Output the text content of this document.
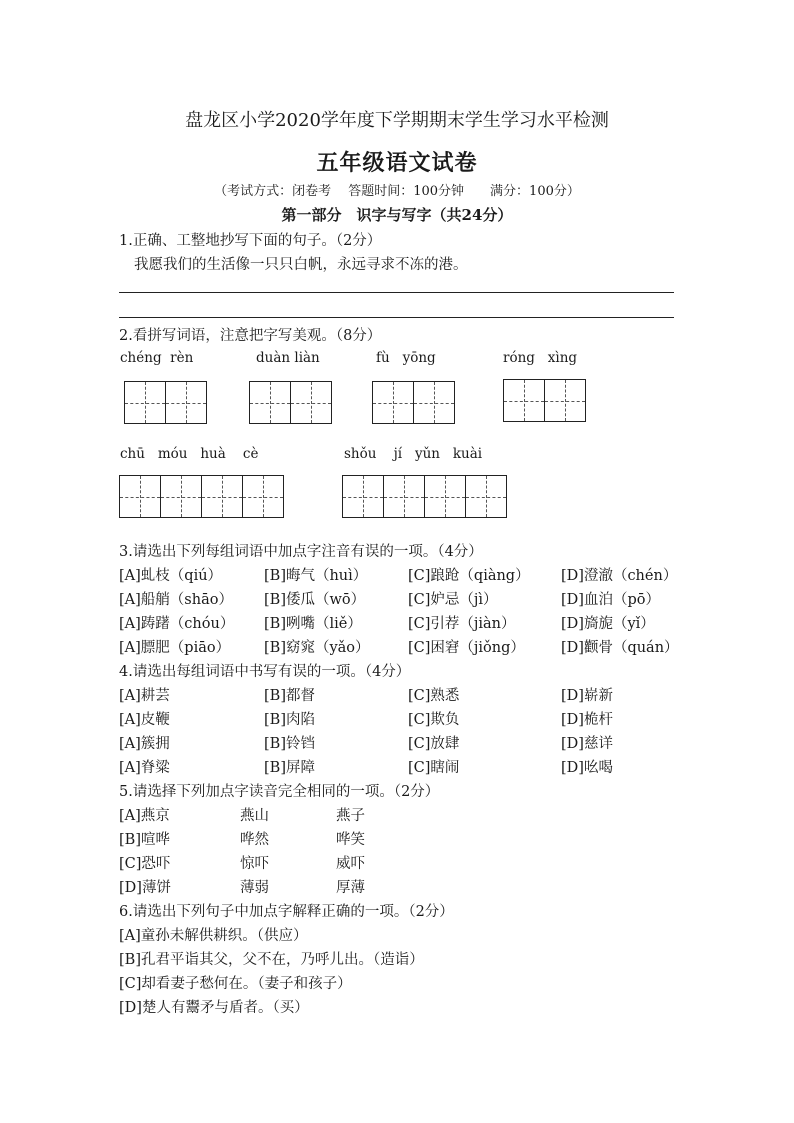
盘龙区小学2020学年度下学期期末学生学习水平检测
五年级语文试卷
（考试方式：闭卷考　 答题时间：100分钟　　满分：100分）
第一部分　识字与写字（共24分）
1.正确、工整地抄写下面的句子。（2分）
我愿我们的生活像一只只白帆，永远寻求不冻的港。
2.看拼写词语，注意把字写美观。（8分）
chéng  rèn	duàn liàn	fù   yōng	róng   xìng
chū   móu   huà    cè	shǒu    jí   yǔn   kuài
3.请选出下列每组词语中加点字注音有误的一项。（4分）
[A]虬枝（qiú）	[B]晦气（huì）	[C]踉跄（qiàng） [D]澄澈（chén）
[A]船艄（shāo） [B]倭瓜（wō）	[C]妒忌（jì）	[D]血泊（pō）
[A]踌躇（chóu） [B]咧嘴（liě）	[C]引荐（jiàn）	[D]旖旎（yǐ）
[A]膘肥（piāo） [B]窈窕（yǎo）	[C]困窘（jiǒng） [D]颧骨（quán）
4.请选出每组词语中书写有误的一项。（4分）
[A]耕芸	[B]都督	[C]熟悉	[D]崭新
[A]皮鞭	[B]肉陷	[C]欺负	[D]桅杆
[A]簇拥	[B]铃铛	[C]放肆	[D]慈详
[A]脊粱	[B]屏障	[C]瞎闹	[D]吆喝
5.请选择下列加点字读音完全相同的一项。（2分）
[A]燕京	燕山	燕子
[B]喧哗	哗然	哗笑
[C]恐吓	惊吓	威吓
[D]薄饼	薄弱	厚薄
6.请选出下列句子中加点字解释正确的一项。（2分）
[A]童孙未解供耕织。（供应）
[B]孔君平诣其父，父不在，乃呼儿出。（造诣）
[C]却看妻子愁何在。（妻子和孩子）
[D]楚人有鬻矛与盾者。（买）
